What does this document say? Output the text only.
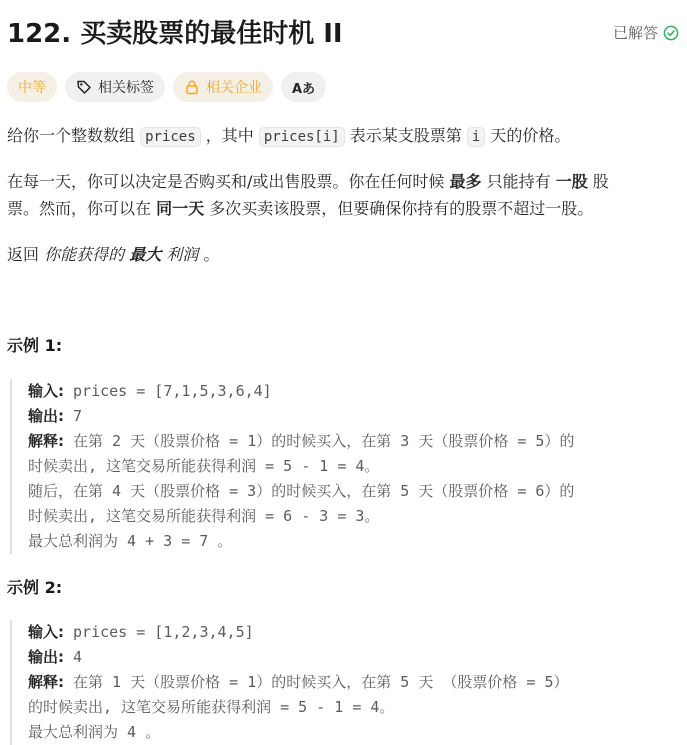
122. 买卖股票的最佳时机 II	已解答
中等	相关标签	相关企业 Aあ
给你一个整数数组 prices ，其中 prices[i] 表示某支股票第 i 天的价格。
在每一天，你可以决定是否购买和/或出售股票。你在任何时候 最多 只能持有 一股 股
票。然而，你可以在 同一天 多次买卖该股票，但要确保你持有的股票不超过一股。
返回 你能获得的 最大 利润 。
示例 1:
输入: prices = [7,1,5,3,6,4]
输出: 7
解释: 在第 2 天（股票价格 = 1）的时候买入，在第 3 天（股票价格 = 5）的
时候卖出, 这笔交易所能获得利润 = 5 - 1 = 4。
随后，在第 4 天（股票价格 = 3）的时候买入，在第 5 天（股票价格 = 6）的
时候卖出, 这笔交易所能获得利润 = 6 - 3 = 3。
最大总利润为 4 + 3 = 7 。
示例 2:
输入: prices = [1,2,3,4,5]
输出: 4
解释: 在第 1 天（股票价格 = 1）的时候买入，在第 5 天 （股票价格 = 5）
的时候卖出, 这笔交易所能获得利润 = 5 - 1 = 4。
最大总利润为 4 。
